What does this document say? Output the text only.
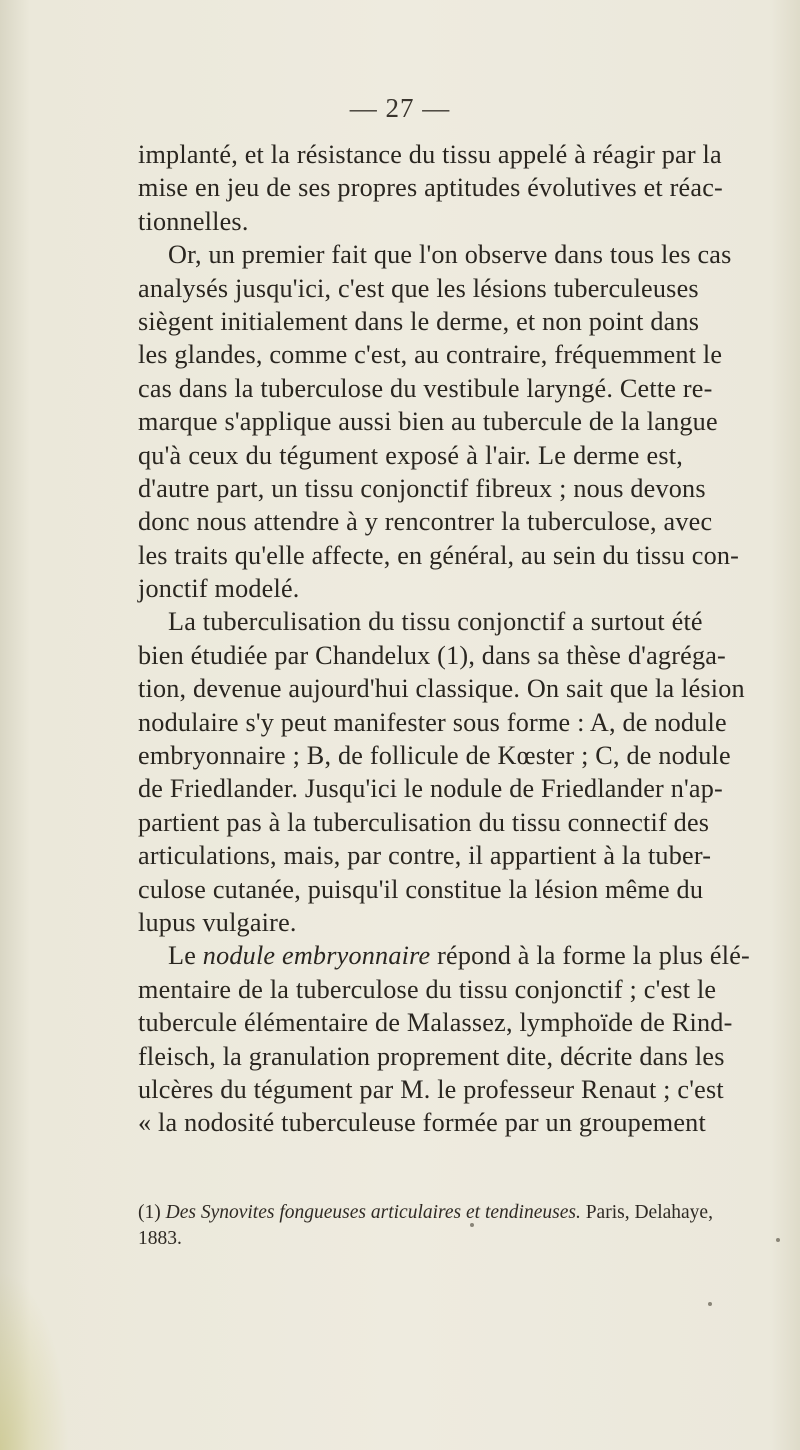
— 27 —
implanté, et la résistance du tissu appelé à réagir par la
mise en jeu de ses propres aptitudes évolutives et réac-
tionnelles.
Or, un premier fait que l'on observe dans tous les cas
analysés jusqu'ici, c'est que les lésions tuberculeuses
siègent initialement dans le derme, et non point dans
les glandes, comme c'est, au contraire, fréquemment le
cas dans la tuberculose du vestibule laryngé. Cette re-
marque s'applique aussi bien au tubercule de la langue
qu'à ceux du tégument exposé à l'air. Le derme est,
d'autre part, un tissu conjonctif fibreux ; nous devons
donc nous attendre à y rencontrer la tuberculose, avec
les traits qu'elle affecte, en général, au sein du tissu con-
jonctif modelé.
La tuberculisation du tissu conjonctif a surtout été
bien étudiée par Chandelux (1), dans sa thèse d'agréga-
tion, devenue aujourd'hui classique. On sait que la lésion
nodulaire s'y peut manifester sous forme : A, de nodule
embryonnaire ; B, de follicule de Kœster ; C, de nodule
de Friedlander. Jusqu'ici le nodule de Friedlander n'ap-
partient pas à la tuberculisation du tissu connectif des
articulations, mais, par contre, il appartient à la tuber-
culose cutanée, puisqu'il constitue la lésion même du
lupus vulgaire.
Le nodule embryonnaire répond à la forme la plus élé-
mentaire de la tuberculose du tissu conjonctif ; c'est le
tubercule élémentaire de Malassez, lymphoïde de Rind-
fleisch, la granulation proprement dite, décrite dans les
ulcères du tégument par M. le professeur Renaut ; c'est
« la nodosité tuberculeuse formée par un groupement
(1) Des Synovites fongueuses articulaires et tendineuses. Paris, Delahaye,
1883.
